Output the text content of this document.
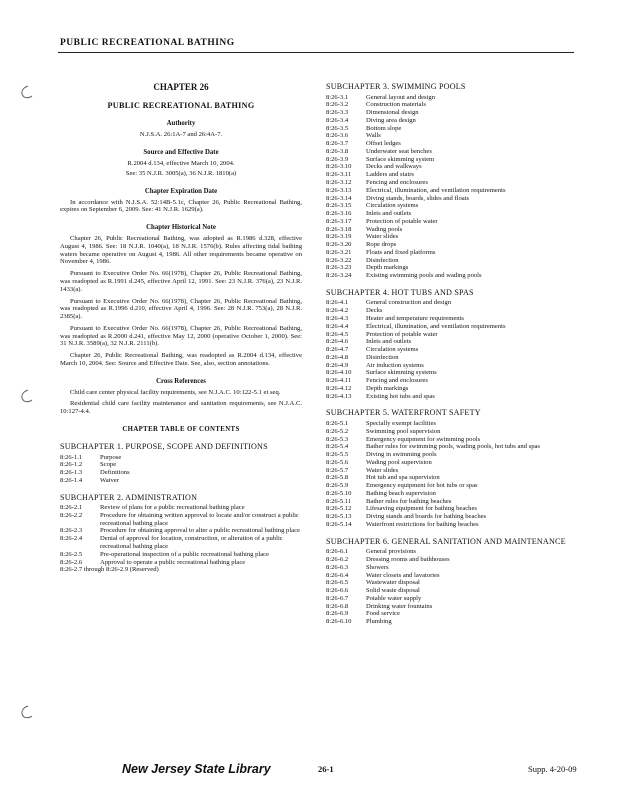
PUBLIC RECREATIONAL BATHING
CHAPTER 26
PUBLIC RECREATIONAL BATHING
Authority

N.J.S.A. 26:1A-7 and 26:4A-7.

Source and Effective Date

R.2004 d.134, effective March 10, 2004.

See: 35 N.J.R. 3005(a), 36 N.J.R. 1810(a)

Chapter Expiration Date

In accordance with N.J.S.A. 52:14B-5.1c, Chapter 26, Public Recreational Bathing, expires on September 6, 2009. See: 41 N.J.R. 1629(a).

Chapter Historical Note

Chapter 26, Public Recreational Bathing, was adopted as R.1986 d.328, effective August 4, 1986. See: 18 N.J.R. 1040(a), 18 N.J.R. 1576(b). Rules affecting tidal bathing waters became operative on August 4, 1986. All other requirements became operative on November 4, 1986.

Pursuant to Executive Order No. 66(1978), Chapter 26, Public Recreational Bathing, was readopted as R.1991 d.245, effective April 12, 1991. See: 23 N.J.R. 376(a), 23 N.J.R. 1433(a).

Pursuant to Executive Order No. 66(1978), Chapter 26, Public Recreational Bathing, was readopted as R.1996 d.210, effective April 4, 1996. See: 28 N.J.R. 753(a), 28 N.J.R. 2385(a).

Pursuant to Executive Order No. 66(1978), Chapter 26, Public Recreational Bathing, was readopted as R.2000 d.241, effective May 12, 2000 (operative October 1, 2000). See: 31 N.J.R. 3589(a), 32 N.J.R. 2111(b).

Chapter 26, Public Recreational Bathing, was readopted as R.2004 d.134, effective March 10, 2004. See: Source and Effective Date. See, also, section annotations.

Cross References

Child care center physical facility requirements, see N.J.A.C. 10:122-5.1 et seq.

Residential child care facility maintenance and sanitation requirements, see N.J.A.C. 10:127-4.4.

CHAPTER TABLE OF CONTENTS
SUBCHAPTER 1. PURPOSE, SCOPE AND DEFINITIONS
8:26-1.1	Purpose
8:26-1.2	Scope
8:26-1.3	Definitions
8:26-1.4	Waiver
SUBCHAPTER 2. ADMINISTRATION
8:26-2.1	Review of plans for a public recreational bathing place
8:26-2.2	Procedure for obtaining written approval to locate and/or construct a public recreational bathing place
8:26-2.3	Procedure for obtaining approval to alter a public recreational bathing place
8:26-2.4	Denial of approval for location, construction, or alteration of a public recreational bathing place
8:26-2.5	Pre-operational inspection of a public recreational bathing place
8:26-2.6	Approval to operate a public recreational bathing place
8:26-2.7 through 8:26-2.9 (Reserved)
SUBCHAPTER 3. SWIMMING POOLS
8:26-3.1	General layout and design
8:26-3.2	Construction materials
8:26-3.3	Dimensional design
8:26-3.4	Diving area design
8:26-3.5	Bottom slope
8:26-3.6	Walls
8:26-3.7	Offset ledges
8:26-3.8	Underwater seat benches
8:26-3.9	Surface skimming system
8:26-3.10	Decks and walkways
8:26-3.11	Ladders and stairs
8:26-3.12	Fencing and enclosures
8:26-3.13	Electrical, illumination, and ventilation requirements
8:26-3.14	Diving stands, boards, slides and floats
8:26-3.15	Circulation systems
8:26-3.16	Inlets and outlets
8:26-3.17	Protection of potable water
8:26-3.18	Wading pools
8:26-3.19	Water slides
8:26-3.20	Rope drops
8:26-3.21	Floats and fixed platforms
8:26-3.22	Disinfection
8:26-3.23	Depth markings
8:26-3.24	Existing swimming pools and wading pools
SUBCHAPTER 4. HOT TUBS AND SPAS
8:26-4.1	General construction and design
8:26-4.2	Decks
8:26-4.3	Heater and temperature requirements
8:26-4.4	Electrical, illumination, and ventilation requirements
8:26-4.5	Protection of potable water
8:26-4.6	Inlets and outlets
8:26-4.7	Circulation systems
8:26-4.8	Disinfection
8:26-4.9	Air induction systems
8:26-4.10	Surface skimming systems
8:26-4.11	Fencing and enclosures
8:26-4.12	Depth markings
8:26-4.13	Existing hot tubs and spas
SUBCHAPTER 5. WATERFRONT SAFETY
8:26-5.1	Specially exempt facilities
8:26-5.2	Swimming pool supervision
8:26-5.3	Emergency equipment for swimming pools
8:26-5.4	Bather rules for swimming pools, wading pools, hot tubs and spas
8:26-5.5	Diving in swimming pools
8:26-5.6	Wading pool supervision
8:26-5.7	Water slides
8:26-5.8	Hot tub and spa supervision
8:26-5.9	Emergency equipment for hot tubs or spas
8:26-5.10	Bathing beach supervision
8:26-5.11	Bather rules for bathing beaches
8:26-5.12	Lifesaving equipment for bathing beaches
8:26-5.13	Diving stands and boards for bathing beaches
8:26-5.14	Waterfront restrictions for bathing beaches
SUBCHAPTER 6. GENERAL SANITATION AND MAINTENANCE
8:26-6.1	General provisions
8:26-6.2	Dressing rooms and bathhouses
8:26-6.3	Showers
8:26-6.4	Water closets and lavatories
8:26-6.5	Wastewater disposal
8:26-6.6	Solid waste disposal
8:26-6.7	Potable water supply
8:26-6.8	Drinking water fountains
8:26-6.9	Food service
8:26-6.10	Plumbing
New Jersey State Library	26-1	Supp. 4-20-09
